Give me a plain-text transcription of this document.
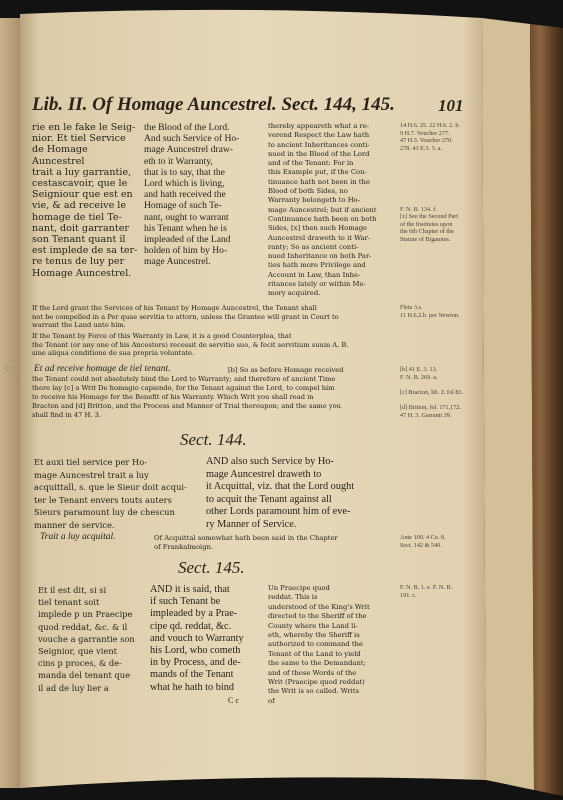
ᴄɪ
Lib. II. Of Homage Auncestrel. Sect. 144, 145.	101
rie en le fake le Seig-
nior. Et tiel Service
de Homage Auncestrel
trait a luy garrantie,
cestascavoir, que le
Seigniour que est en
vie, & ad receive le
homage de tiel Te-
nant, doit garranter
son Tenant quant il
est implede de sa ter-
re tenus de luy per
Homage Auncestrel.
the Blood of the Lord.
And such Service of Ho-
mage Auncestrel draw-
eth to it Warranty,
that is to say, that the
Lord which is living,
and hath received the
Homage of such Te-
nant, ought to warrant
his Tenant when he is
impleaded of the Land
holden of him by Ho-
mage Auncestrel.
thereby appeareth what a re-
verend Respect the Law hath
to ancient Inheritances conti-
nued in the Blood of the Lord
and of the Tenant: For in
this Example put, if the Con-
tinuance hath not been in the
Blood of both Sides, no
Warranty belongeth to Ho-
mage Auncestrel; but if ancient
Continuance hath been on both
Sides, [x] then such Homage
Auncestrel draweth to it War-
ranty; So as ancient conti-
nued Inheritance on both Par-
ties hath more Privilege and
Account in Law, than Inhe-
ritances lately or within Me-
mory acquired.
14 H.6. 25. 22 H.6. 2. b.
9 H.7. Voucher 277.
47 H.3. Voucher 270.
278. 43 E.3. 3. a.

F. N. B. 134. f.
[x] See the Second Part
of the Institutes upon
the 6th Chapter of the
Statute of Bigamies.
If the Lord grant the Services of his Tenant by Homage Auncestrel, the Tenant shall
not be compelled in a Per quae servitia to attorn, unless the Grantee will grant in Court to
warrant the Land unto him.
If the Tenant by Force of this Warranty in Law, it is a good Counterplea, that
the Tenant (or any one of his Ancestors) recessit de servitio suo, & fecit servitium suum A. B.
sine aliqua conditione de sua propria voluntate.
Fleta 3.s.
11 H.6.2.b. per Newton.
Et ad receive homage de tiel tenant.	[b] So as before Homage received
the Tenant could not absolutely bind the Lord to Warranty; and therefore of ancient Time
there lay [c] a Writ De homagio capiendo, for the Tenant against the Lord, to compel him
to receive his Homage for the Benefit of his Warranty. Which Writ you shall read in
Bracton and [d] Britton, and the Process and Manner of Trial thereupon; and the same you
shall find in 47 H. 3.
[b] 41 E. 3. 13.
F. N. B. 269. a.

[c] Bracton, lib. 2. fol 83.

[d] Britton, fol. 171,172.
47 H. 3. Garranti 39.
Sect. 144.
Et auxi tiel service per Ho-
mage Auncestrel trait a luy
acquittall, s. que le Sieur doit acqui-
ter le Tenant envers touts auters
Sieurs paramount luy de chescun
manner de service.
AND also such Service by Ho-
mage Auncestrel draweth to
it Acquittal, viz. that the Lord ought
to acquit the Tenant against all
other Lords paramount him of eve-
ry Manner of Service.
Trait a luy acquital.	Of Acquittal somewhat hath been said in the Chapter
of Frankalmoign.
Ante 100. 4 Co. 8.
Sect. 142 & 540.
Sect. 145.
Et il est dit, si si
tiel tenant soit
implede p un Praecipe
quod reddat, &c. & il
vouche a garrantie son
Seignior, que vient
cins p proces, & de-
manda del tenant que
il ad de luy lier a
AND it is said, that
if such Tenant be
impleaded by a Prae-
cipe qd. reddat, &c.
and vouch to Warranty
his Lord, who cometh
in by Process, and de-
mands of the Tenant
what he hath to bind
Un Praecipe quod
reddat. This is
understood of the King's Writ
directed to the Sheriff of the
County where the Land li-
eth, whereby the Sheriff is
authorized to command the
Tenant of the Land to yield
the same to the Demandant;
and of these Words of the
Writ (Praecipe quod reddat)
the Writ is so called. Writs
of
F. N. B. 1. e. F. N. B.
191. c.
C c
